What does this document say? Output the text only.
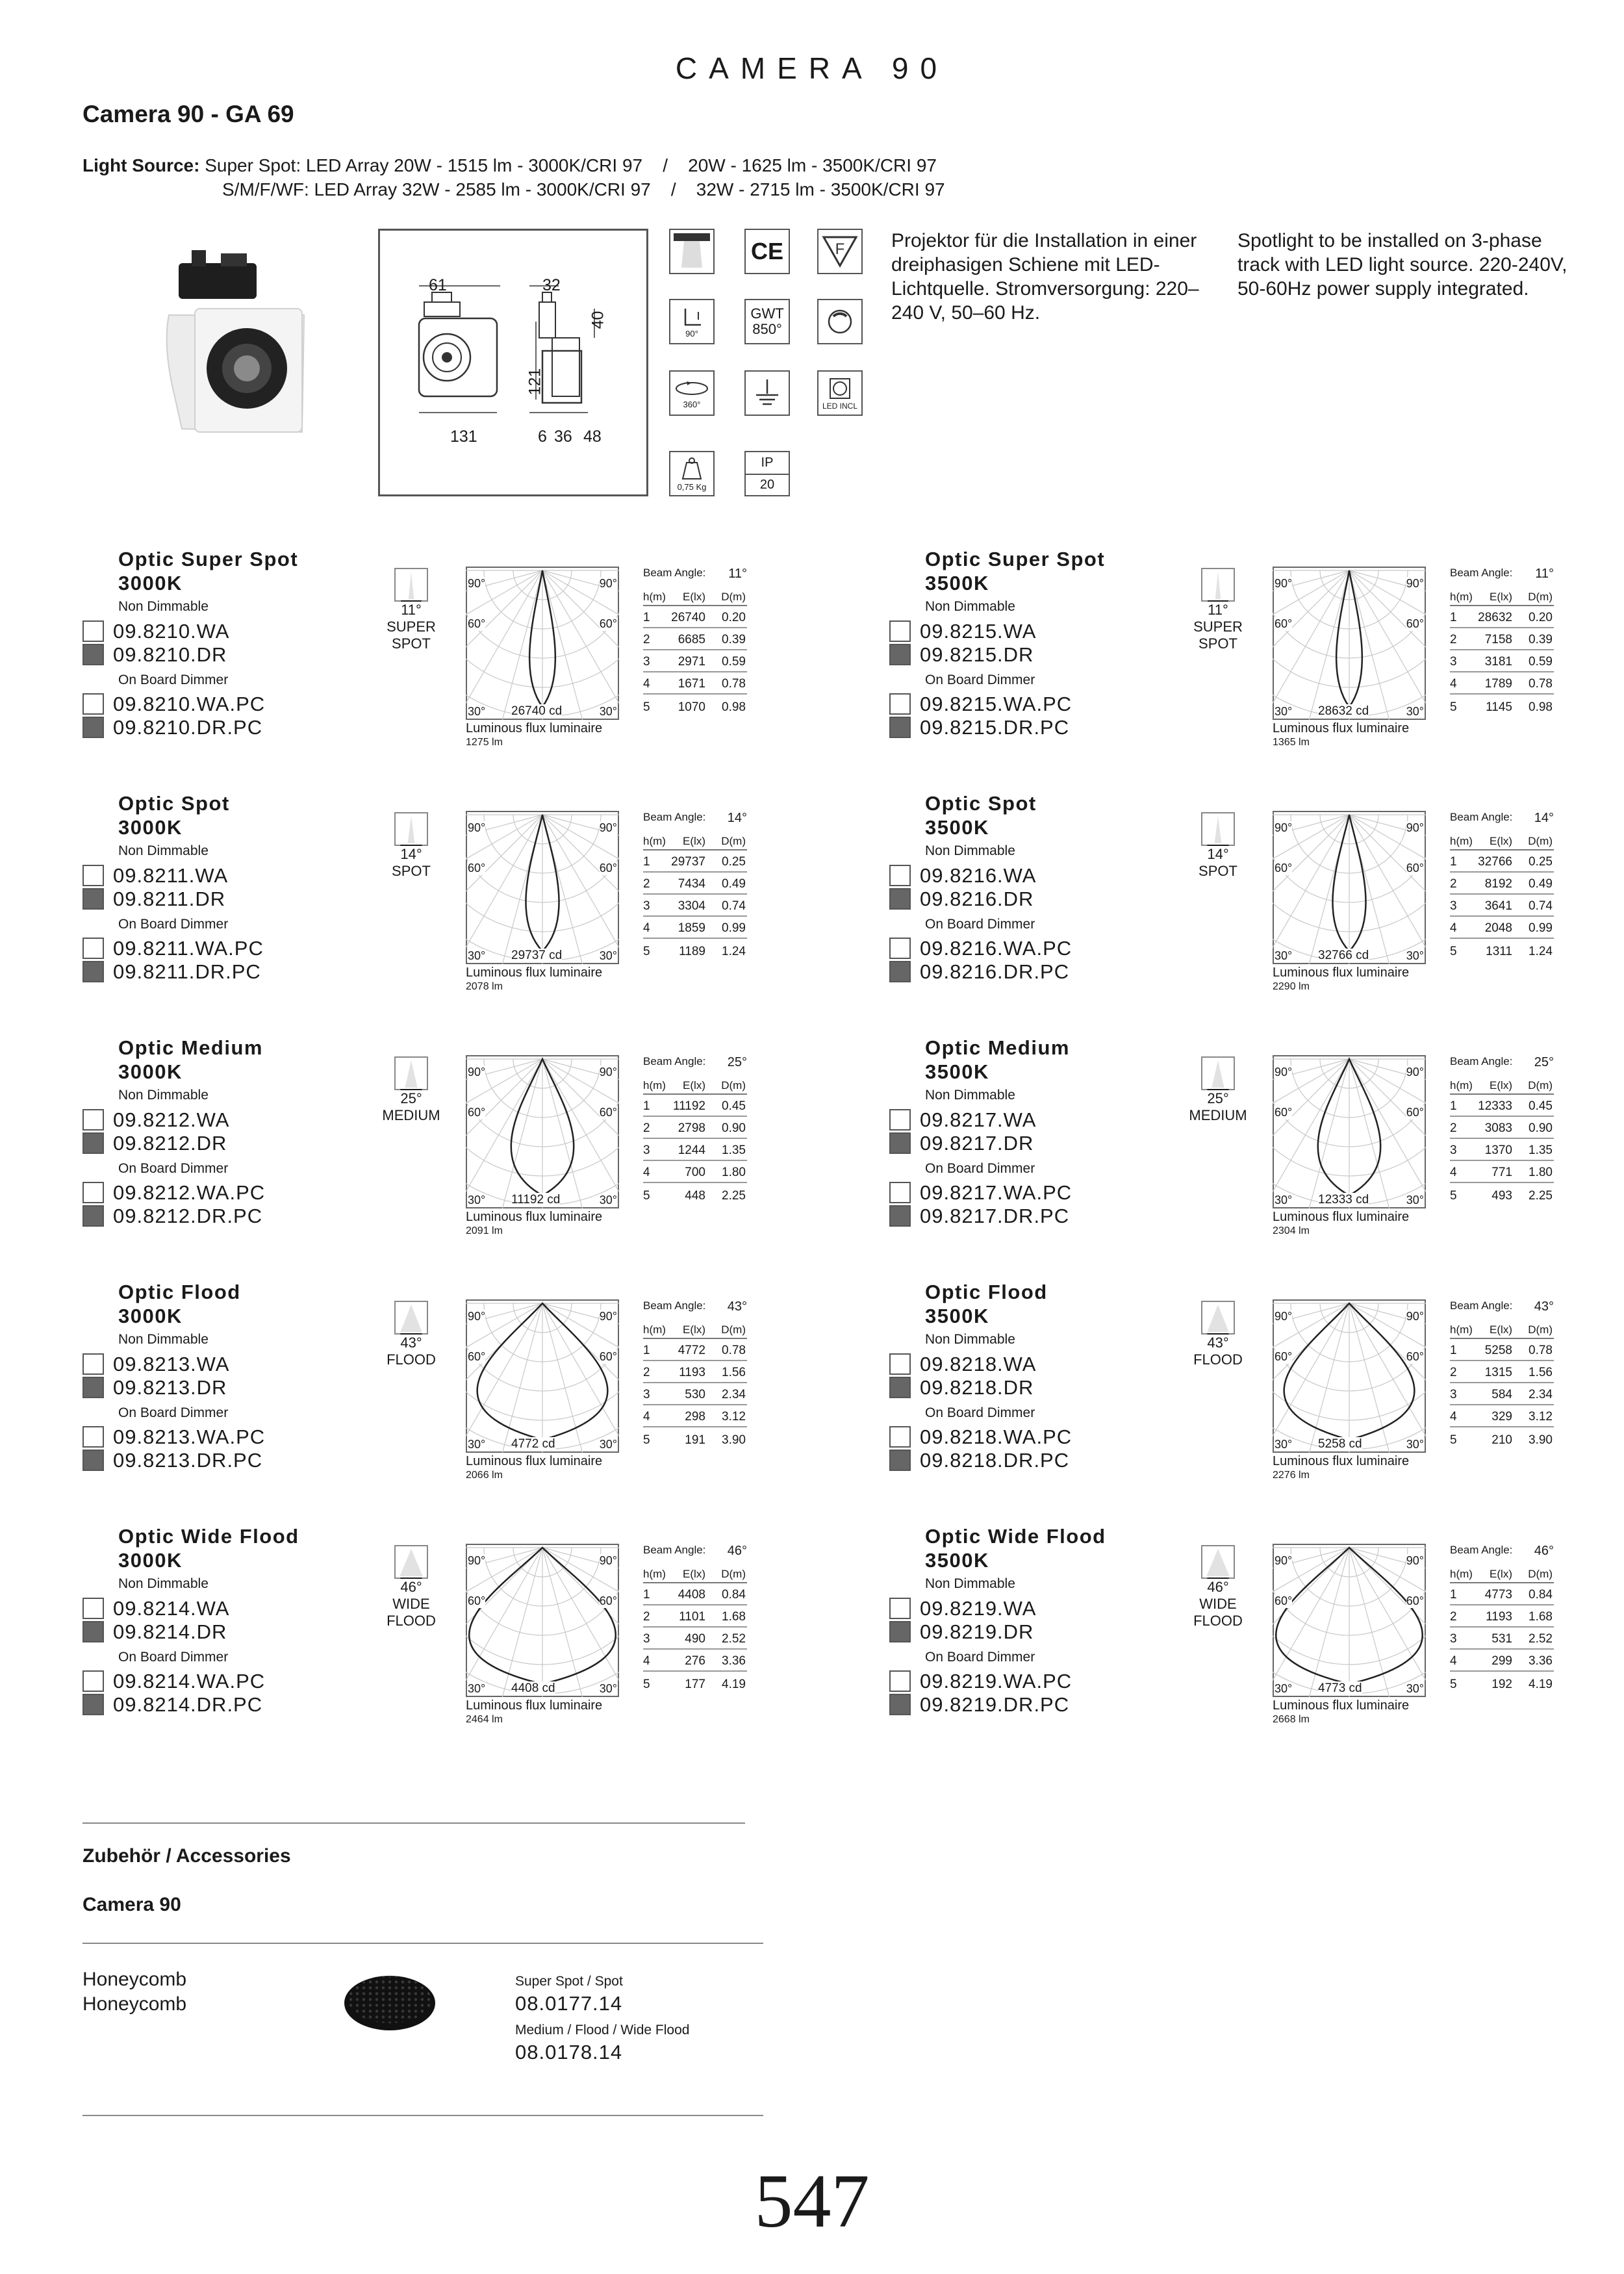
CAMERA 90
Camera 90 - GA 69
Light Source: Super Spot: LED Array 20W - 1515 lm - 3000K/CRI 97    /    20W - 1625 lm - 3500K/CRI 97
S/M/F/WF: LED Array 32W - 2585 lm - 3000K/CRI 97    /    32W - 2715 lm - 3500K/CRI 97
61	32
40
121
131	6 36 48
CE	F
90°
GWT
850°
360°	LED INCL
0,75 Kg
IP
20
Projektor für die Installation in einer dreiphasigen Schiene mit LED-Lichtquelle. Stromversorgung: 220–240 V, 50–60 Hz.
Spotlight to be installed on 3-phase track with LED light source. 220-240V, 50-60Hz power supply integrated.
Optic Super Spot
3000K
Non Dimmable
On Board Dimmer
09.8210.WA
09.8210.DR
09.8210.WA.PC
09.8210.DR.PC
11°
SUPER
SPOT
90°	90°
60°	60°
30°	30°
26740 cd
Luminous flux luminaire
1275 lm
Beam Angle: 11°
h(m)	E(lx)	D(m)
1	26740	0.20
2	6685	0.39
3	2971	0.59
4	1671	0.78
5	1070	0.98
Optic Super Spot
3500K
Non Dimmable
On Board Dimmer
09.8215.WA
09.8215.DR
09.8215.WA.PC
09.8215.DR.PC
11°
SUPER
SPOT
90°	90°
60°	60°
30°	30°
28632 cd
Luminous flux luminaire
1365 lm
Beam Angle: 11°
h(m)	E(lx)	D(m)
1	28632	0.20
2	7158	0.39
3	3181	0.59
4	1789	0.78
5	1145	0.98
Optic Spot
3000K
Non Dimmable
On Board Dimmer
09.8211.WA
09.8211.DR
09.8211.WA.PC
09.8211.DR.PC
14°
SPOT
90°	90°
60°	60°
30°	30°
29737 cd
Luminous flux luminaire
2078 lm
Beam Angle: 14°
h(m)	E(lx)	D(m)
1	29737	0.25
2	7434	0.49
3	3304	0.74
4	1859	0.99
5	1189	1.24
Optic Spot
3500K
Non Dimmable
On Board Dimmer
09.8216.WA
09.8216.DR
09.8216.WA.PC
09.8216.DR.PC
14°
SPOT
90°	90°
60°	60°
30°	30°
32766 cd
Luminous flux luminaire
2290 lm
Beam Angle: 14°
h(m)	E(lx)	D(m)
1	32766	0.25
2	8192	0.49
3	3641	0.74
4	2048	0.99
5	1311	1.24
Optic Medium
3000K
Non Dimmable
On Board Dimmer
09.8212.WA
09.8212.DR
09.8212.WA.PC
09.8212.DR.PC
25°
MEDIUM
90°	90°
60°	60°
30°	30°
11192 cd
Luminous flux luminaire
2091 lm
Beam Angle: 25°
h(m)	E(lx)	D(m)
1	11192	0.45
2	2798	0.90
3	1244	1.35
4	700	1.80
5	448	2.25
Optic Medium
3500K
Non Dimmable
On Board Dimmer
09.8217.WA
09.8217.DR
09.8217.WA.PC
09.8217.DR.PC
25°
MEDIUM
90°	90°
60°	60°
30°	30°
12333 cd
Luminous flux luminaire
2304 lm
Beam Angle: 25°
h(m)	E(lx)	D(m)
1	12333	0.45
2	3083	0.90
3	1370	1.35
4	771	1.80
5	493	2.25
Optic Flood
3000K
Non Dimmable
On Board Dimmer
09.8213.WA
09.8213.DR
09.8213.WA.PC
09.8213.DR.PC
43°
FLOOD
90°	90°
60°	60°
30°	30°
4772 cd
Luminous flux luminaire
2066 lm
Beam Angle: 43°
h(m)	E(lx)	D(m)
1	4772	0.78
2	1193	1.56
3	530	2.34
4	298	3.12
5	191	3.90
Optic Flood
3500K
Non Dimmable
On Board Dimmer
09.8218.WA
09.8218.DR
09.8218.WA.PC
09.8218.DR.PC
43°
FLOOD
90°	90°
60°	60°
30°	30°
5258 cd
Luminous flux luminaire
2276 lm
Beam Angle: 43°
h(m)	E(lx)	D(m)
1	5258	0.78
2	1315	1.56
3	584	2.34
4	329	3.12
5	210	3.90
Optic Wide Flood
3000K
Non Dimmable
On Board Dimmer
09.8214.WA
09.8214.DR
09.8214.WA.PC
09.8214.DR.PC
46°
WIDE
FLOOD
90°	90°
60°	60°
30°	30°
4408 cd
Luminous flux luminaire
2464 lm
Beam Angle: 46°
h(m)	E(lx)	D(m)
1	4408	0.84
2	1101	1.68
3	490	2.52
4	276	3.36
5	177	4.19
Optic Wide Flood
3500K
Non Dimmable
On Board Dimmer
09.8219.WA
09.8219.DR
09.8219.WA.PC
09.8219.DR.PC
46°
WIDE
FLOOD
90°	90°
60°	60°
30°	30°
4773 cd
Luminous flux luminaire
2668 lm
Beam Angle: 46°
h(m)	E(lx)	D(m)
1	4773	0.84
2	1193	1.68
3	531	2.52
4	299	3.36
5	192	4.19
Zubehör / Accessories
Camera 90
Honeycomb
Honeycomb
Super Spot / Spot
08.0177.14
Medium / Flood / Wide Flood
08.0178.14
547
